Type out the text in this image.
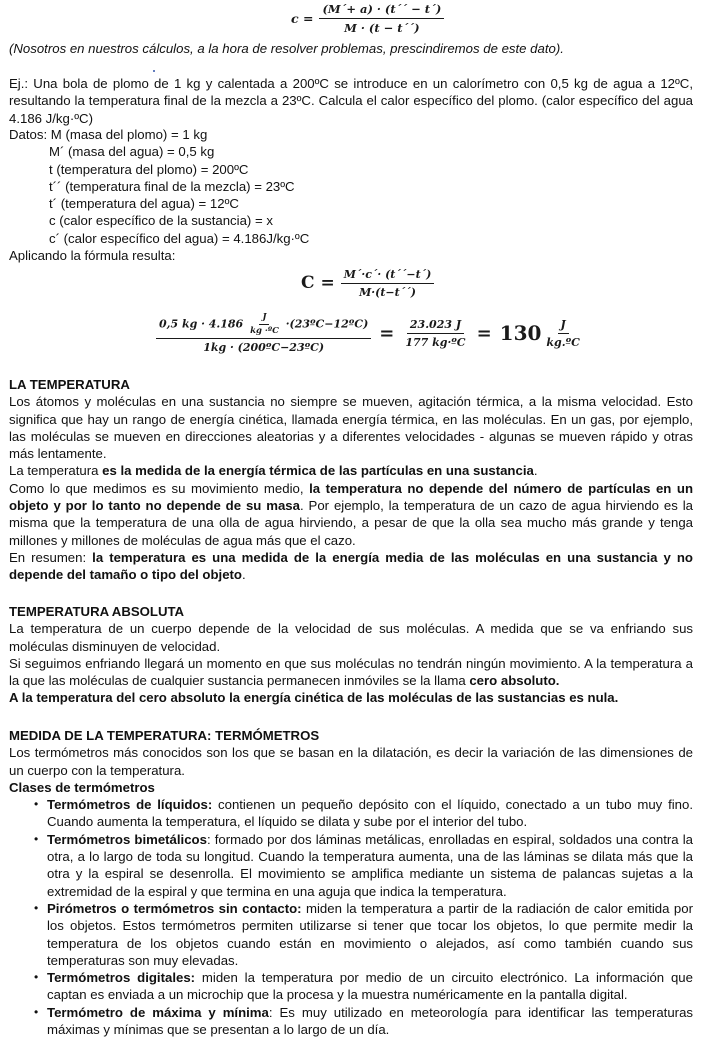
$c = \frac{(M´+ a) \cdot (t´´ - t´)}{M \cdot (t - t´´)}$
(Nosotros en nuestros cálculos, a la hora de resolver problemas, prescindiremos de este dato).
Ej.: Una bola de plomo de 1 kg y calentada a 200ºC se introduce en un calorímetro con 0,5 kg de agua a 12ºC, resultando la temperatura final de la mezcla a 23ºC. Calcula el calor específico del plomo. (calor específico del agua 4.186 J/kg·ºC)
Datos: M (masa del plomo) = 1 kg
M´ (masa del agua) = 0,5 kg
t (temperatura del plomo) = 200ºC
t´´ (temperatura final de la mezcla) = 23ºC
t´ (temperatura del agua) = 12ºC
c (calor específico de la sustancia) = x
c´ (calor específico del agua) = 4.186J/kg·ºC
Aplicando la fórmula resulta:
$C = \frac{M´\cdot c´\cdot (t´´-t´)}{M\cdot(t-t´´)}$
0,5 kg · $4.186 \frac{J}{\text{kg ·ºC}}$ ·(23ºC−12ºC)
1kg · (200ºC−23ºC)
= $\frac{23.023 J}{\text{177 kg·ºC}} = 130 \frac{J}{\text{kg.ºC}}$
LA TEMPERATURA
Los átomos y moléculas en una sustancia no siempre se mueven, agitación térmica, a la misma velocidad. Esto significa que hay un rango de energía cinética, llamada energía térmica, en las moléculas. En un gas, por ejemplo, las moléculas se mueven en direcciones aleatorias y a diferentes velocidades - algunas se mueven rápido y otras más lentamente.
La temperatura es la medida de la energía térmica de las partículas en una sustancia.
Como lo que medimos es su movimiento medio, la temperatura no depende del número de partículas en un objeto y por lo tanto no depende de su masa. Por ejemplo, la temperatura de un cazo de agua hirviendo es la misma que la temperatura de una olla de agua hirviendo, a pesar de que la olla sea mucho más grande y tenga millones y millones de moléculas de agua más que el cazo.
En resumen: la temperatura es una medida de la energía media de las moléculas en una sustancia y no depende del tamaño o tipo del objeto.
TEMPERATURA ABSOLUTA
La temperatura de un cuerpo depende de la velocidad de sus moléculas. A medida que se va enfriando sus moléculas disminuyen de velocidad.
Si seguimos enfriando llegará un momento en que sus moléculas no tendrán ningún movimiento. A la temperatura a la que las moléculas de cualquier sustancia permanecen inmóviles se la llama cero absoluto.
A la temperatura del cero absoluto la energía cinética de las moléculas de las sustancias es nula.
MEDIDA DE LA TEMPERATURA: TERMÓMETROS
Los termómetros más conocidos son los que se basan en la dilatación, es decir la variación de las dimensiones de un cuerpo con la temperatura.
Clases de termómetros
• Termómetros de líquidos: contienen un pequeño depósito con el líquido, conectado a un tubo muy fino. Cuando aumenta la temperatura, el líquido se dilata y sube por el interior del tubo.
• Termómetros bimetálicos: formado por dos láminas metálicas, enrolladas en espiral, soldados una contra la otra, a lo largo de toda su longitud. Cuando la temperatura aumenta, una de las láminas se dilata más que la otra y la espiral se desenrolla. El movimiento se amplifica mediante un sistema de palancas sujetas a la extremidad de la espiral y que termina en una aguja que indica la temperatura.
• Pirómetros o termómetros sin contacto: miden la temperatura a partir de la radiación de calor emitida por los objetos. Estos termómetros permiten utilizarse si tener que tocar los objetos, lo que permite medir la temperatura de los objetos cuando están en movimiento o alejados, así como también cuando sus temperaturas son muy elevadas.
• Termómetros digitales: miden la temperatura por medio de un circuito electrónico. La información que captan es enviada a un microchip que la procesa y la muestra numéricamente en la pantalla digital.
• Termómetro de máxima y mínima: Es muy utilizado en meteorología para identificar las temperaturas máximas y mínimas que se presentan a lo largo de un día.
